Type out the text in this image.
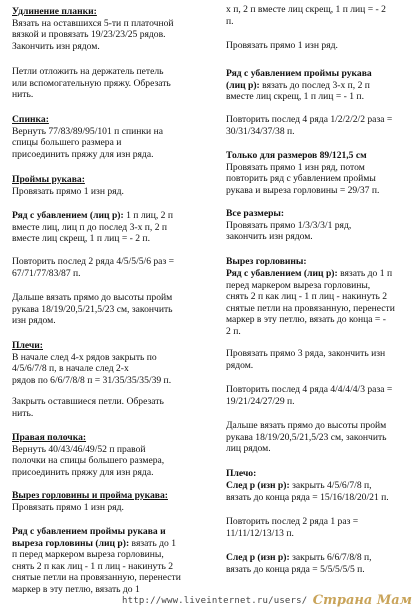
Удлинение планки:
Вязать на оставшихся 5-ти п платочной
вязкой и провязать 19/23/23/25 рядов.
Закончить изн рядом.
Петли отложить на держатель петель
или вспомогательную пряжу. Обрезать
нить.
Спинка:
Вернуть 77/83/89/95/101 п спинки на
спицы большего размера и
присоединить пряжу для изн ряда.
Проймы рукава:
Провязать прямо 1 изн ряд.
Ряд с убавлением (лиц р): 1 п лиц, 2 п
вместе лиц, лиц п до послед 3-х п, 2 п
вместе лиц скрещ, 1 п лиц = - 2 п.
Повторить послед 2 ряда 4/5/5/5/6 раз =
67/71/77/83/87 п.
Дальше вязать прямо до высоты пройм
рукава 18/19/20,5/21,5/23 см, закончить
изн рядом.
Плечи:
В начале след 4-х рядов закрыть по
4/5/6/7/8 п, в начале след 2-х
рядов по 6/6/7/8/8 п = 31/35/35/35/39 п.
Закрыть оставшиеся петли. Обрезать
нить.
Правая полочка:
Вернуть 40/43/46/49/52 п правой
полочки на спицы большего размера,
присоединить пряжу для изн ряда.
Вырез горловины и пройма рукава:
Провязать прямо 1 изн ряд.
Ряд с убавлением проймы рукава и
выреза горловины (лиц р): вязать до 1
п перед маркером выреза горловины,
снять 2 п как лиц - 1 п лиц - накинуть 2
снятые петли на провязанную, перенести
маркер в эту петлю, вязать до 1
х п, 2 п вместе лиц скрещ, 1 п лиц = - 2
п.
Провязать прямо 1 изн ряд.
Ряд с убавлением проймы рукава
(лиц р): вязать до послед 3-х п, 2 п
вместе лиц скрещ, 1 п лиц = - 1 п.
Повторить послед 4 ряда 1/2/2/2/2 раза =
30/31/34/37/38 п.
Только для размеров 89/121,5 см
Провязать прямо 1 изн ряд, потом
повторить ряд с убавлением проймы
рукава и выреза горловины = 29/37 п.
Все размеры:
Провязать прямо 1/3/3/3/1 ряд,
закончить изн рядом.
Вырез горловины:
Ряд с убавлением (лиц р): вязать до 1 п
перед маркером выреза горловины,
снять 2 п как лиц - 1 п лиц - накинуть 2
снятые петли на провязанную, перенести
маркер в эту петлю, вязать до конца = -
2 п.
Провязать прямо 3 ряда, закончить изн
рядом.
Повторить послед 4 ряда 4/4/4/4/3 раза =
19/21/24/27/29 п.
Дальше вязать прямо до высоты пройм
рукава 18/19/20,5/21,5/23 см, закончить
лиц рядом.
Плечо:
След р (изн р): закрыть 4/5/6/7/8 п,
вязать до конца ряда = 15/16/18/20/21 п.
Повторить послед 2 ряда 1 раз =
11/11/12/13/13 п.
След р (изн р): закрыть 6/6/7/8/8 п,
вязать до конца ряда = 5/5/5/5/5 п.
http://www.liveinternet.ru/users/ Страна Мам
